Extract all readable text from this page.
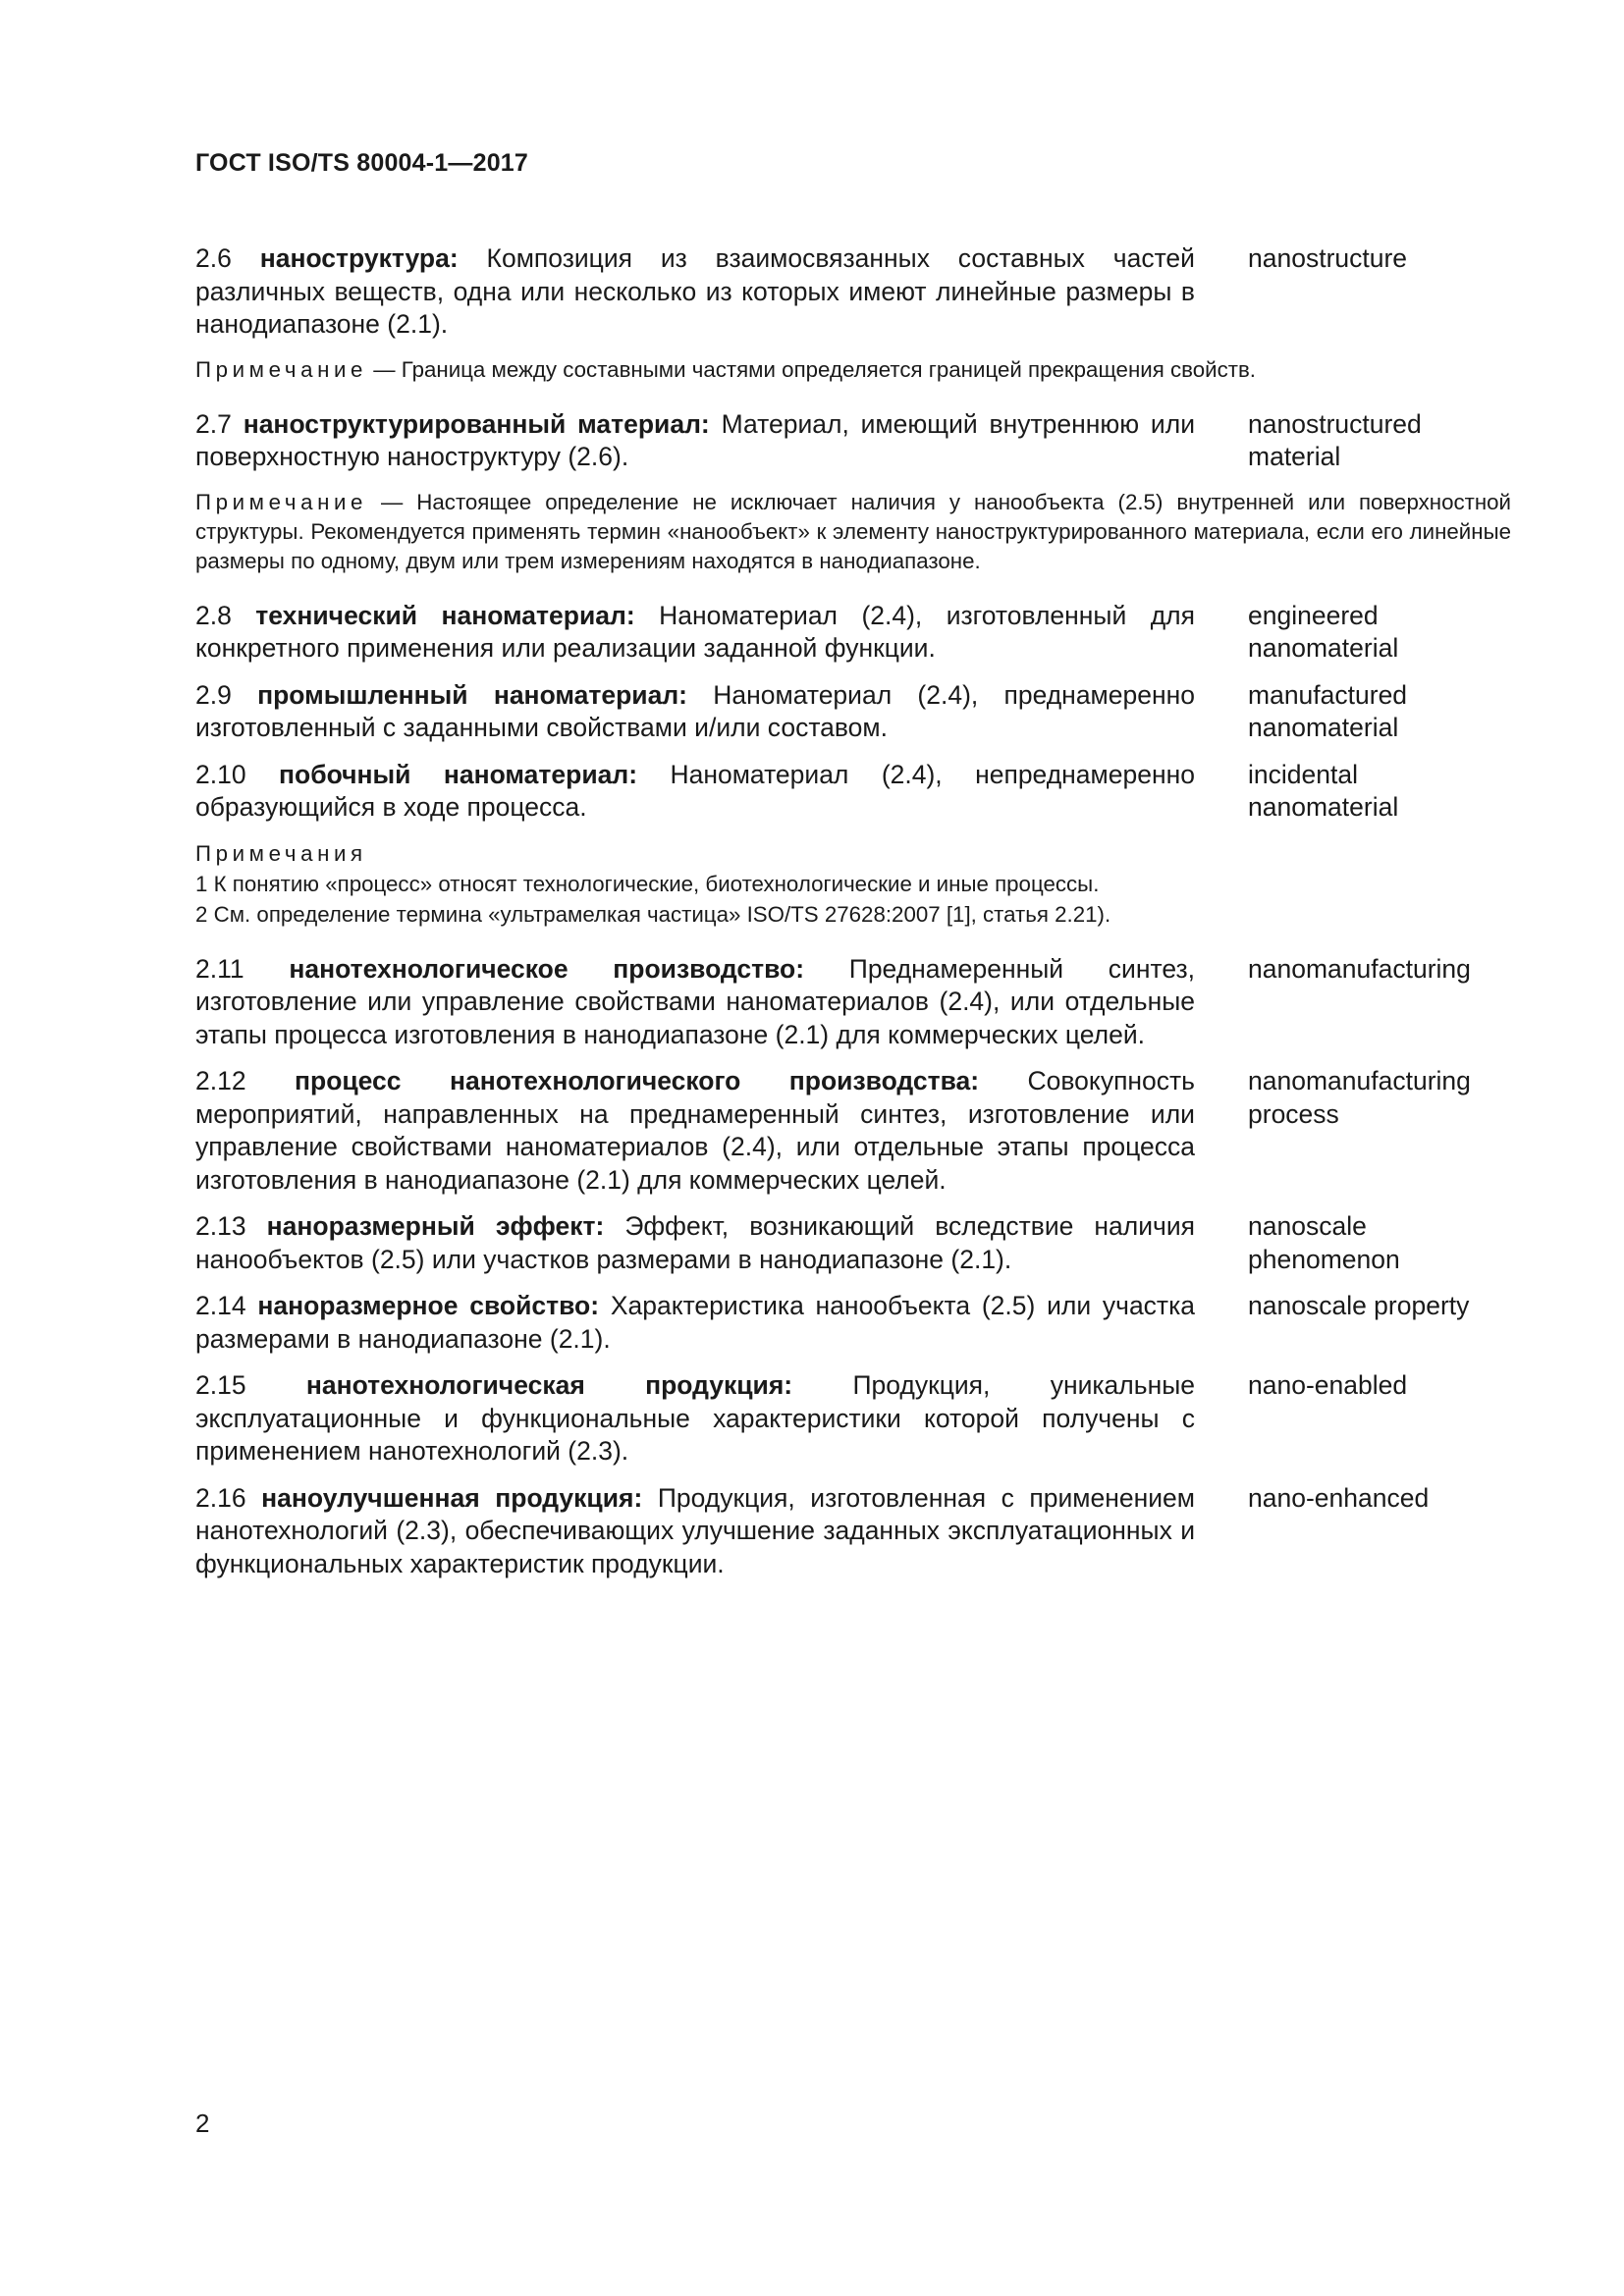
ГОСТ ISO/TS 80004-1—2017
2.6 наноструктура: Композиция из взаимосвязанных составных частей различных веществ, одна или несколько из которых имеют линейные размеры в нанодиапазоне (2.1).
nanostructure
Примечание — Граница между составными частями определяется границей прекращения свойств.
2.7 наноструктурированный материал: Материал, имеющий внутреннюю или поверхностную наноструктуру (2.6).
nanostructured material
Примечание — Настоящее определение не исключает наличия у нанообъекта (2.5) внутренней или поверхностной структуры. Рекомендуется применять термин «нанообъект» к элементу наноструктурированного материала, если его линейные размеры по одному, двум или трем измерениям находятся в нанодиапазоне.
2.8 технический наноматериал: Наноматериал (2.4), изготовленный для конкретного применения или реализации заданной функции.
engineered nanomaterial
2.9 промышленный наноматериал: Наноматериал (2.4), преднамеренно изготовленный с заданными свойствами и/или составом.
manufactured nanomaterial
2.10 побочный наноматериал: Наноматериал (2.4), непреднамеренно образующийся в ходе процесса.
incidental nanomaterial
Примечания
1 К понятию «процесс» относят технологические, биотехнологические и иные процессы.
2 См. определение термина «ультрамелкая частица» ISO/TS 27628:2007 [1], статья 2.21).
2.11 нанотехнологическое производство: Преднамеренный синтез, изготовление или управление свойствами наноматериалов (2.4), или отдельные этапы процесса изготовления в нанодиапазоне (2.1) для коммерческих целей.
nanomanufacturing
2.12 процесс нанотехнологического производства: Совокупность мероприятий, направленных на преднамеренный синтез, изготовление или управление свойствами наноматериалов (2.4), или отдельные этапы процесса изготовления в нанодиапазоне (2.1) для коммерческих целей.
nanomanufacturing process
2.13 наноразмерный эффект: Эффект, возникающий вследствие наличия нанообъектов (2.5) или участков размерами в нанодиапазоне (2.1).
nanoscale phenomenon
2.14 наноразмерное свойство: Характеристика нанообъекта (2.5) или участка размерами в нанодиапазоне (2.1).
nanoscale property
2.15 нанотехнологическая продукция: Продукция, уникальные эксплуатационные и функциональные характеристики которой получены с применением нанотехнологий (2.3).
nano-enabled
2.16 наноулучшенная продукция: Продукция, изготовленная с применением нанотехнологий (2.3), обеспечивающих улучшение заданных эксплуатационных и функциональных характеристик продукции.
nano-enhanced
2
